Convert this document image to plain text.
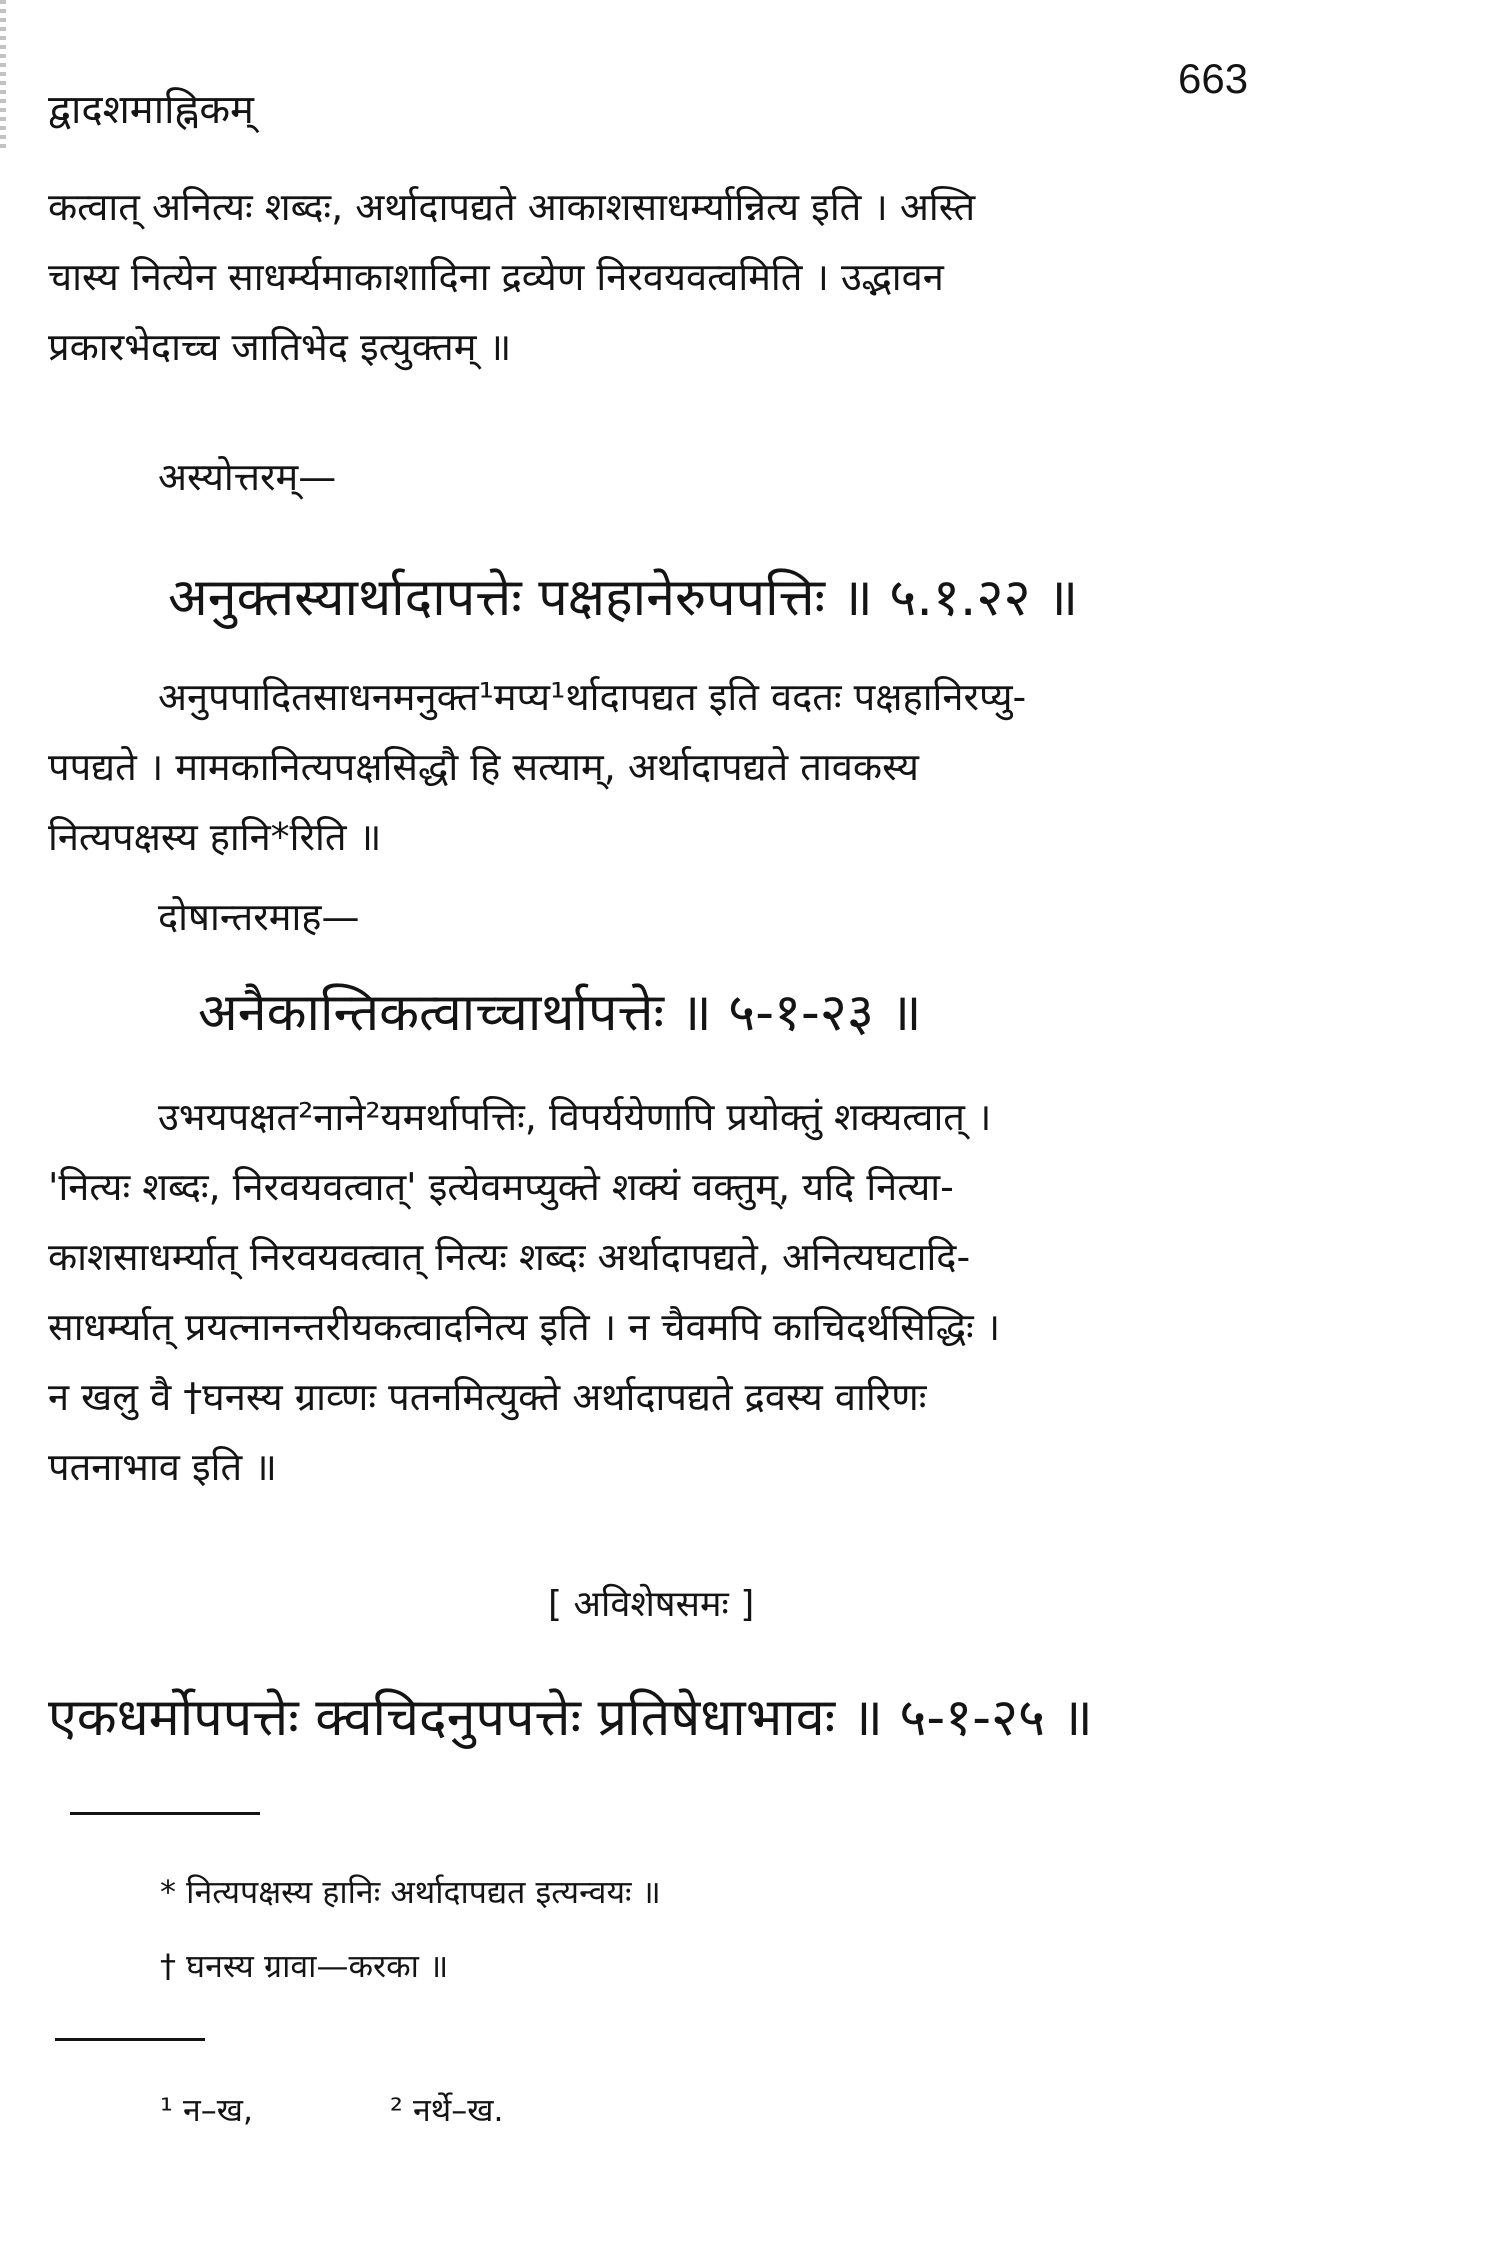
द्वादशमाह्निकम्
663
कत्वात् अनित्यः शब्दः, अर्थादापद्यते आकाशसाधर्म्यान्नित्य इति । अस्ति
चास्य नित्येन साधर्म्यमाकाशादिना द्रव्येण निरवयवत्वमिति । उद्भावन
प्रकारभेदाच्च जातिभेद इत्युक्तम् ॥
अस्योत्तरम्—
अनुक्तस्यार्थादापत्तेः पक्षहानेरुपपत्तिः ॥ ५.१.२२ ॥
अनुपपादितसाधनमनुक्त¹मप्य¹र्थादापद्यत इति वदतः पक्षहानिरप्यु-
पपद्यते । मामकानित्यपक्षसिद्धौ हि सत्याम्, अर्थादापद्यते तावकस्य
नित्यपक्षस्य हानि*रिति ॥
दोषान्तरमाह—
अनैकान्तिकत्वाच्चार्थापत्तेः ॥ ५-१-२३ ॥
उभयपक्षत²नाने²यमर्थापत्तिः, विपर्ययेणापि प्रयोक्तुं शक्यत्वात् ।
'नित्यः शब्दः, निरवयवत्वात्' इत्येवमप्युक्ते शक्यं वक्तुम्, यदि नित्या-
काशसाधर्म्यात् निरवयवत्वात् नित्यः शब्दः अर्थादापद्यते, अनित्यघटादि-
साधर्म्यात् प्रयत्नानन्तरीयकत्वादनित्य इति । न चैवमपि काचिदर्थसिद्धिः ।
न खलु वै †घनस्य ग्राव्णः पतनमित्युक्ते अर्थादापद्यते द्रवस्य वारिणः
पतनाभाव इति ॥
[ अविशेषसमः ]
एकधर्मोपपत्तेः क्वचिदनुपपत्तेः प्रतिषेधाभावः ॥ ५-१-२५ ॥
* नित्यपक्षस्य हानिः अर्थादापद्यत इत्यन्वयः ॥
† घनस्य ग्रावा—करका ॥
¹ न–ख,	² नर्थे–ख.
